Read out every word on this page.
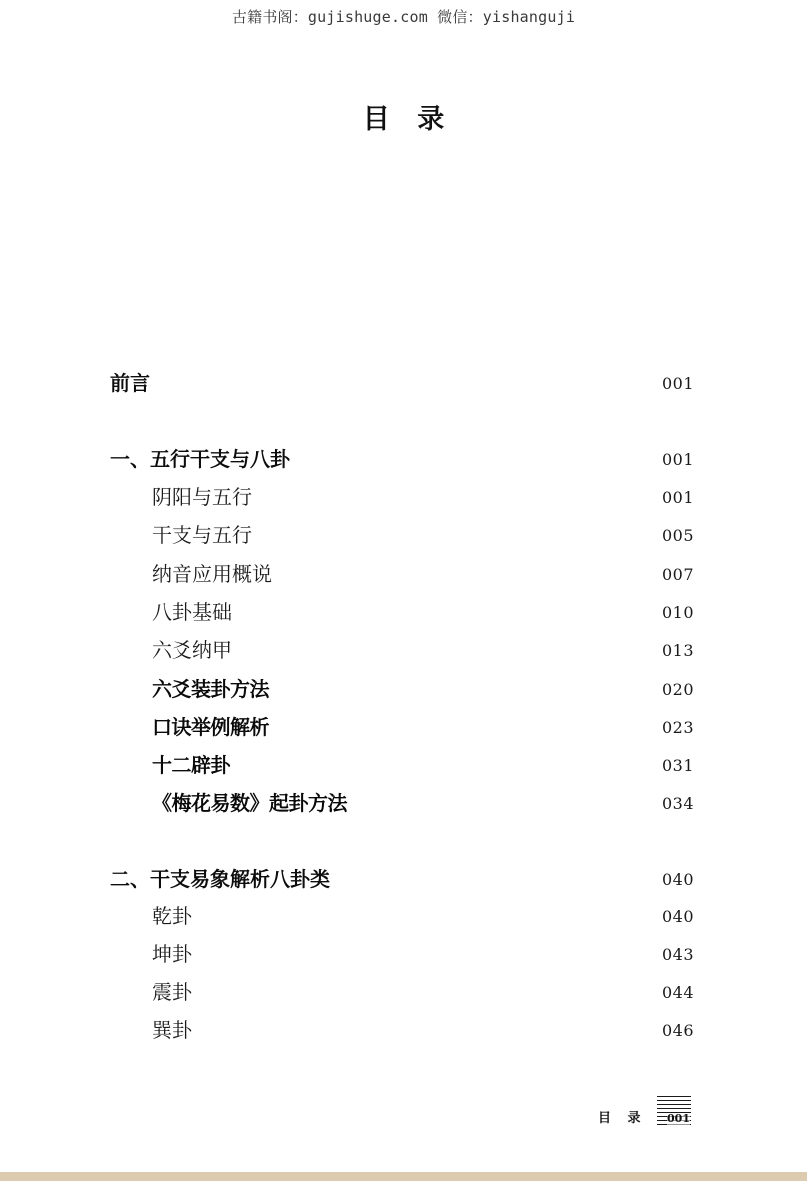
古籍书阁：gujishuge.com 微信：yishanguji
目 录
前言	001
一、五行干支与八卦	001
阴阳与五行	001
干支与五行	005
纳音应用概说	007
八卦基础	010
六爻纳甲	013
六爻装卦方法	020
口诀举例解析	023
十二辟卦	031
《梅花易数》起卦方法	034
二、干支易象解析八卦类	040
乾卦	040
坤卦	043
震卦	044
巽卦	046
目 录 001
